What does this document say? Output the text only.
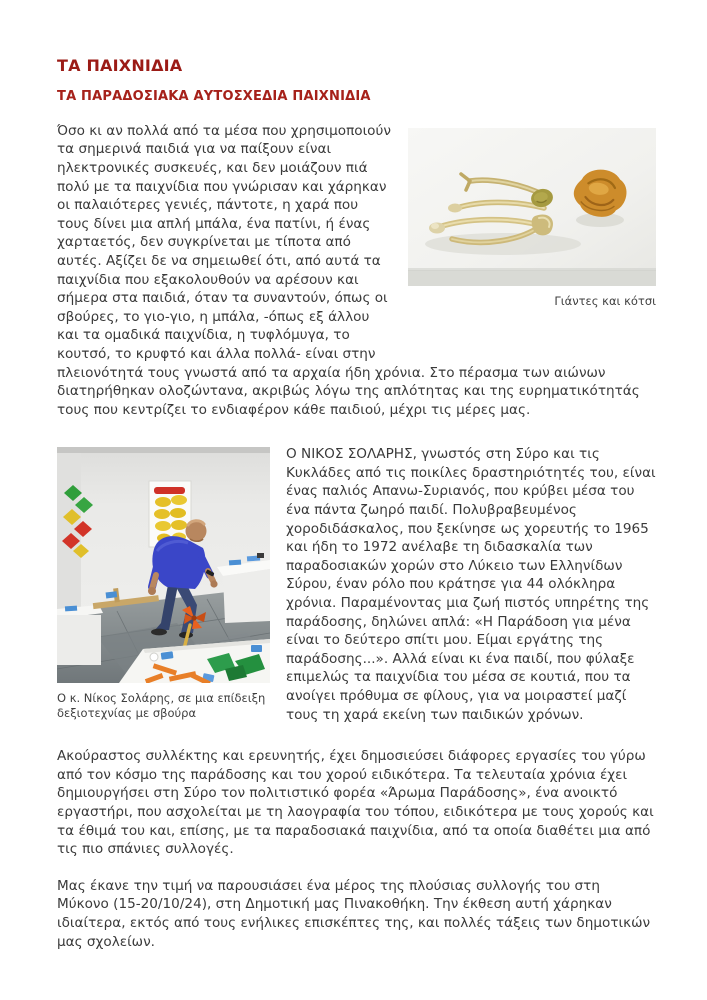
ΤΑ ΠΑΙΧΝΙΔΙΑ
ΤΑ ΠΑΡΑΔΟΣΙΑΚΑ ΑΥΤΟΣΧΕΔΙΑ ΠΑΙΧΝΙΔΙΑ
Γιάντες και κότσι

Όσο κι αν πολλά από τα μέσα που χρησιμοποιούν τα σημερινά παιδιά για να παίξουν είναι ηλεκτρονικές συσκευές, και δεν μοιάζουν πιά πολύ με τα παιχνίδια που γνώρισαν και χάρηκαν οι παλαιότερες γενιές, πάντοτε, η χαρά που τους δίνει μια απλή μπάλα, ένα πατίνι, ή ένας χαρταετός, δεν συγκρίνεται με τίποτα από αυτές. Αξίζει δε να σημειωθεί ότι, από αυτά τα παιχνίδια που εξακολουθούν να αρέσουν και σήμερα στα παιδιά, όταν τα συναντούν, όπως οι σβούρες, το γιο-γιο, η μπάλα, -όπως εξ άλλου και τα ομαδικά παιχνίδια, η τυφλόμυγα, το κουτσό, το κρυφτό και άλλα πολλά- είναι στην πλειονότητά τους γνωστά από τα αρχαία ήδη χρόνια. Στο πέρασμα των αιώνων διατηρήθηκαν ολοζώντανα, ακριβώς λόγω της απλότητας και της ευρηματικότητάς τους που κεντρίζει το ενδιαφέρον κάθε παιδιού, μέχρι τις μέρες μας.

Ο κ. Νίκος Σολάρης, σε μια επίδειξη δεξιοτεχνίας με σβούρα

Ο ΝΙΚΟΣ ΣΟΛΑΡΗΣ, γνωστός στη Σύρο και τις Κυκλάδες από τις ποικίλες δραστηριότητές του, είναι ένας παλιός Απανω-Συριανός, που κρύβει μέσα του ένα πάντα ζωηρό παιδί. Πολυβραβευμένος χοροδιδάσκαλος, που ξεκίνησε ως χορευτής το 1965 και ήδη το 1972 ανέλαβε τη διδασκαλία των παραδοσιακών χορών στο Λύκειο των Ελληνίδων Σύρου, έναν ρόλο που κράτησε για 44 ολόκληρα χρόνια. Παραμένοντας μια ζωή πιστός υπηρέτης της παράδοσης, δηλώνει απλά: «Η Παράδοση για μένα είναι το δεύτερο σπίτι μου. Είμαι εργάτης της παράδοσης...». Αλλά είναι κι ένα παιδί, που φύλαξε επιμελώς τα παιχνίδια του μέσα σε κουτιά, που τα ανοίγει πρόθυμα σε φίλους, για να μοιραστεί μαζί τους τη χαρά εκείνη των παιδικών χρόνων.

Ακούραστος συλλέκτης και ερευνητής, έχει δημοσιεύσει διάφορες εργασίες του γύρω από τον κόσμο της παράδοσης και του χορού ειδικότερα. Τα τελευταία χρόνια έχει δημιουργήσει στη Σύρο τον πολιτιστικό φορέα «Άρωμα Παράδοσης», ένα ανοικτό εργαστήρι, που ασχολείται με τη λαογραφία του τόπου, ειδικότερα με τους χορούς και τα έθιμά του και, επίσης, με τα παραδοσιακά παιχνίδια, από τα οποία διαθέτει μια από τις πιο σπάνιες συλλογές.

Μας έκανε την τιμή να παρουσιάσει ένα μέρος της πλούσιας συλλογής του στη Μύκονο (15-20/10/24), στη Δημοτική μας Πινακοθήκη. Την έκθεση αυτή χάρηκαν ιδιαίτερα, εκτός από τους ενήλικες επισκέπτες της, και πολλές τάξεις των δημοτικών μας σχολείων.
